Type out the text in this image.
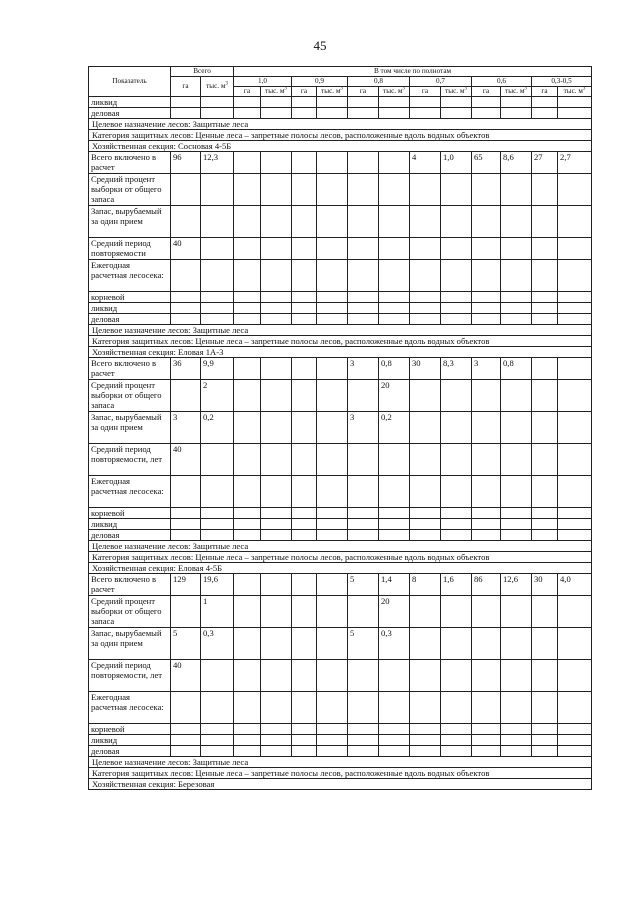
45
Показатель	Всего		В том числе по полнотам											
	га	тыс. $м^3$	1,0		0,9		0,8		0,7		0,6		0,3-0,5	
			га	тыс. $м^3$	га	тыс. $м^3$	га	тыс. $м^3$	га	тыс. $м^3$	га	тыс. $м^3$	га	тыс. $м^3$
ликвид														
деловая														
Целевое назначение лесов: Защитные леса														
Категория защитных лесов: Ценные леса – запретные полосы лесов, расположенные вдоль водных объектов														
Хозяйственная секция: Сосновая 4-5Б														
Всего включено в расчет	96	12,3							4	1,0	65	8,6	27	2,7
Средний процент выборки от общего запаса														
Запас, вырубаемый за один прием														
Средний период повторяемости	40													
Ежегодная расчетная лесосека:														
корневой														
ликвид														
деловая														
Целевое назначение лесов: Защитные леса														
Категория защитных лесов: Ценные леса – запретные полосы лесов, расположенные вдоль водных объектов														
Хозяйственная секция: Еловая 1А-3														
Всего включено в расчет	36	9,9					3	0,8	30	8,3	3	0,8		
Средний процент выборки от общего запаса		2						20						
Запас, вырубаемый за один прием	3	0,2					3	0,2						
Средний период повторяемости, лет	40													
Ежегодная расчетная лесосека:														
корневой														
ликвид														
деловая														
Целевое назначение лесов: Защитные леса														
Категория защитных лесов: Ценные леса – запретные полосы лесов, расположенные вдоль водных объектов														
Хозяйственная секция: Еловая 4-5Б														
Всего включено в расчет	129	19,6					5	1,4	8	1,6	86	12,6	30	4,0
Средний процент выборки от общего запаса		1						20						
Запас, вырубаемый за один прием	5	0,3					5	0,3						
Средний период повторяемости, лет	40													
Ежегодная расчетная лесосека:														
корневой														
ликвид														
деловая														
Целевое назначение лесов: Защитные леса														
Категория защитных лесов: Ценные леса – запретные полосы лесов, расположенные вдоль водных объектов														
Хозяйственная секция: Березовая														
